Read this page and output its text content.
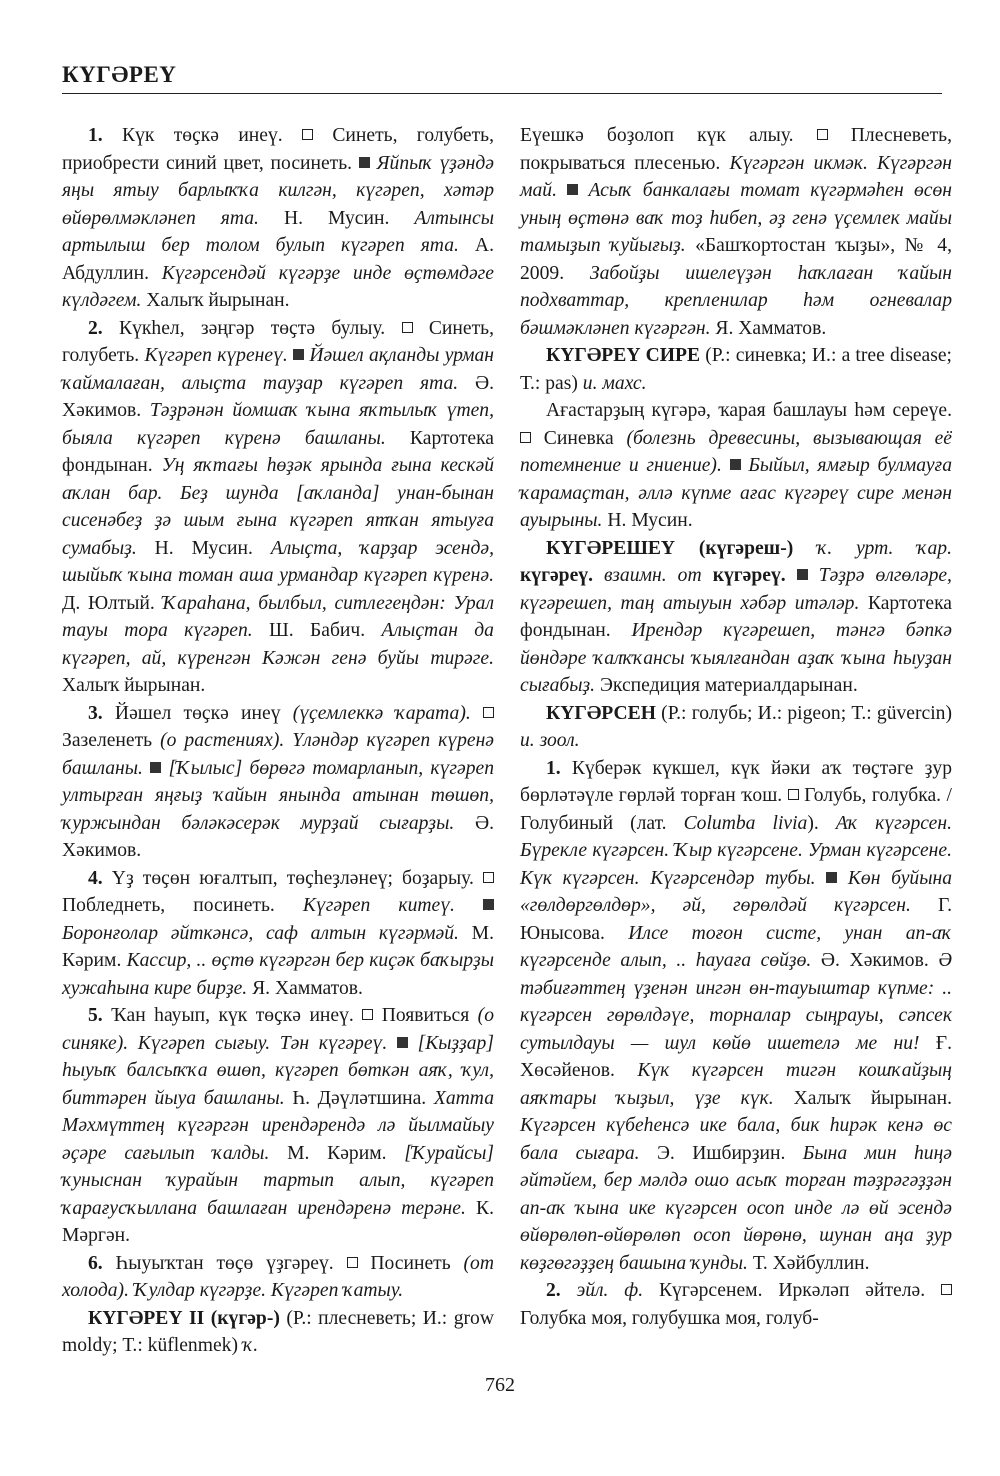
КҮГӘРЕҮ

1. Күк төҫкә инеү.  Синеть, голубеть, приобрести синий цвет, посинеть.  Яйпыҡ үҙәндә яңы ятыу барлыҡҡа килгән, күгәреп, хәтәр өйөрөлмәкләнеп ята. Н. Мусин. Алтынсы артылыш бер толом булып күгәреп ята. А. Абдуллин. Күгәрсендәй күгәрҙе инде өҫтөмдәге күлдәгем. Халыҡ йырынан.

2. Күкһел, зәңгәр төҫтә булыу.  Синеть, голубеть. Күгәреп күренеү. Йәшел ақланды урман ҡаймалаған, алыҫта тауҙар күгәреп ята. Ә. Хәкимов. Тәҙрәнән йомшаҡ ҡына яҡтылыҡ үтеп, быяла күгәреп күренә башланы. Картотека фондынан. Уң яҡтағы һөҙәк ярында ғына кескәй аҡлан бар. Беҙ шунда [аҡланда] унан-бынан сисенәбеҙ ҙә шым ғына күгәреп ятҡан ятыуға сумабыҙ. Н. Мусин. Алыҫта, ҡарҙар эсендә, шыйыҡ ҡына томан аша урмандар күгәреп күренә. Д. Юлтый. Ҡараһана, былбыл, ситлегеңдән: Урал тауы тора күгәреп. Ш. Бабич. Алыҫтан да күгәреп, ай, күренгән Кәжән генә буйы тирәге. Халыҡ йырынан.

3. Йәшел төҫкә инеү (үҫемлеккә ҡарата).  Зазеленеть (о растениях). Үләндәр күгәреп күренә башланы. [Ҡылыс] бөрөгә томарланып, күгәреп ултырған яңғыҙ ҡайын янында атынан төшөп, ҡуржындан бәләкәсерәк мурҙай сығарҙы. Ә. Хәкимов.

4. Үҙ төҫөн юғалтып, төҫһеҙләнеү; боҙарыу.  Побледнеть, посинеть. Күгәреп китеү.  Боронғолар әйткәнсә, саф алтын күгәрмәй. М. Кәрим. Кассир, .. өҫтө күгәргән бер киҫәк баҡырҙы хужаһына кире бирҙе. Я. Хамматов.

5. Ҡан һауып, күк төҫкә инеү.  Появиться (о синяке). Күгәреп сығыу. Тән күгәреү. [Кыҙҙар] һыуыҡ балсыҡҡа өшөп, күгәреп бөткән аяҡ, ҡул, биттәрен йыуа башланы. Һ. Дәүләтшина. Хатта Мәхмүттең күгәргән ирендәрендә лә йылмайыу әҫәре сағылып ҡалды. М. Кәрим. [Ҡурайсы] ҡуныснан ҡурайын тартып алып, күгәреп ҡарағусҡыллана башлаған ирендәренә терәне. К. Мәргән.

6. Һыуыҡтан төҫө үҙгәреү.  Посинеть (от холода). Ҡулдар күгәрҙе. Күгәреп ҡатыу.

КҮГӘРЕҮ II (күгәр-) (Р.: плесневеть; И.: grow moldy; Т.: küflenmek) ҡ.

Еүешкә боҙолоп күк алыу.  Плесневеть, покрываться плесенью. Күгәргән икмәк. Күгәргән май. Асыҡ банкалағы томат күгәрмәһен өсөн уның өҫтөнә ваҡ тоҙ һибеп, әҙ генә үҫемлек майы тамыҙып ҡуйығыҙ. «Башҡортостан ҡыҙы», № 4, 2009. Забойҙы ишелеүҙән һаҡлаған ҡайын подхваттар, крепленилар һәм огневалар бәшмәкләнеп күгәргән. Я. Хамматов.

КҮГӘРЕҮ СИРЕ (Р.: синевка; И.: a tree disease; Т.: pas) и. махс.

Ағастарҙың күгәрә, ҡарая башлауы һәм сереүе.  Синевка (болезнь древесины, вызывающая её потемнение и гниение). Быйыл, ямғыр булмауға ҡарамаҫтан, әллә күпме ағас күгәреү сире менән ауырыны. Н. Мусин.

КҮГӘРЕШЕҮ (күгәреш-) ҡ. урт. ҡар. күгәреү. взаимн. от күгәреү. Тәҙрә өлгөләре, күгәрешеп, таң атыуын хәбәр итәләр. Картотека фондынан. Ирендәр күгәрешеп, тәнгә бәпкә йөндәре ҡалҡҡансы ҡыялғандан аҙаҡ ҡына һыуҙан сығабыҙ. Экспедиция материалдарынан.

КҮГӘРСЕН (Р.: голубь; И.: pigeon; Т.: güvercin) и. зоол.

1. Күберәк күкшел, күк йәки аҡ төҫтәге ҙур бөрләтәүле гөрләй торған ҡош.  Голубь, голубка. / Голубиный (лат. Columba livia). Аҡ күгәрсен. Бүрекле күгәрсен. Ҡыр күгәрсене. Урман күгәрсене. Күк күгәрсен. Күгәрсендәр тубы. Көн буйына «гөлдөргөлдөр», әй, гөрөлдәй күгәрсен. Г. Юнысова. Илсе тоғон систе, унан ап-аҡ күгәрсенде алып, .. һауаға сөйҙө. Ә. Хәкимов. Ә тәбиғәттең үҙенән ингән өн-тауыштар күпме: .. күгәрсен гөрөлдәүе, торналар сыңрауы, сәпсек сутылдауы — шул көйө ишетелә ме ни! Ғ. Хөсәйенов. Күк күгәрсен тигән кошҡайҙың аяҡтары ҡыҙыл, үҙе күк. Халыҡ йырынан. Күгәрсен күбеһенсә ике бала, бик һирәк кенә өс бала сығара. Э. Ишбирҙин. Бына мин һиңә әйтәйем, бер мәлдә ошо асыҡ торған тәҙрәгәҙҙән ап-аҡ ҡына ике күгәрсен осоп инде лә өй эсендә өйөрөлөп-өйөрөлөп осоп йөрөнө, шунан аңа ҙур көҙгөгәҙҙең башына ҡунды. Т. Хәйбуллин.

2. эйл. ф. Күгәрсенем. Иркәләп әйтелә.  Голубка моя, голубушка моя, голуб-

762
